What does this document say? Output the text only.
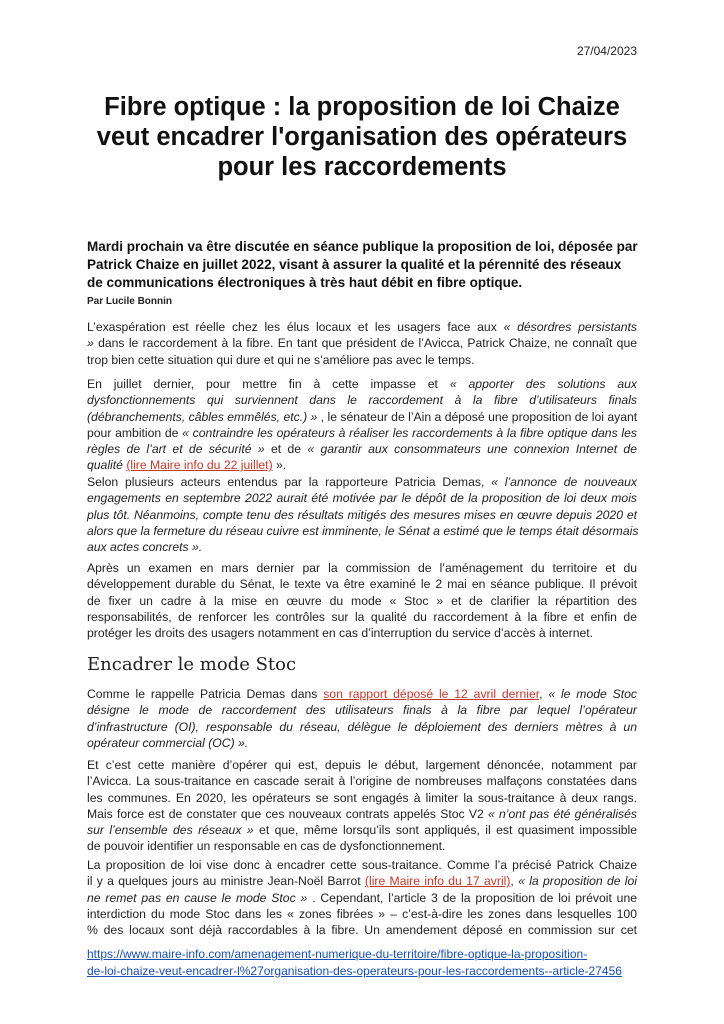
27/04/2023
Fibre optique : la proposition de loi Chaize
veut encadrer l'organisation des opérateurs
pour les raccordements

Mardi prochain va être discutée en séance publique la proposition de loi, déposée par
Patrick Chaize en juillet 2022, visant à assurer la qualité et la pérennité des réseaux
de communications électroniques à très haut débit en fibre optique.

Par Lucile Bonnin

L’exaspération est réelle chez les élus locaux et les usagers face aux « désordres persistants
» dans le raccordement à la fibre. En tant que président de l’Avicca, Patrick Chaize, ne connaît que
trop bien cette situation qui dure et qui ne s’améliore pas avec le temps.

En juillet dernier, pour mettre fin à cette impasse et « apporter des solutions aux
dysfonctionnements qui surviennent dans le raccordement à la fibre d’utilisateurs finals
(débranchements, câbles emmêlés, etc.) » , le sénateur de l’Ain a déposé une proposition de loi ayant
pour ambition de « contraindre les opérateurs à réaliser les raccordements à la fibre optique dans les
règles de l’art et de sécurité » et de « garantir aux consommateurs une connexion Internet de
qualité (lire Maire info du 22 juillet) ».

Selon plusieurs acteurs entendus par la rapporteure Patricia Demas, « l’annonce de nouveaux
engagements en septembre 2022 aurait été motivée par le dépôt de la proposition de loi deux mois
plus tôt. Néanmoins, compte tenu des résultats mitigés des mesures mises en œuvre depuis 2020 et
alors que la fermeture du réseau cuivre est imminente, le Sénat a estimé que le temps était désormais
aux actes concrets ».

Après un examen en mars dernier par la commission de l’aménagement du territoire et du
développement durable du Sénat, le texte va être examiné le 2 mai en séance publique. Il prévoit
de fixer un cadre à la mise en œuvre du mode « Stoc » et de clarifier la répartition des
responsabilités, de renforcer les contrôles sur la qualité du raccordement à la fibre et enfin de
protéger les droits des usagers notamment en cas d’interruption du service d’accès à internet.

Encadrer le mode Stoc

Comme le rappelle Patricia Demas dans son rapport déposé le 12 avril dernier, « le mode Stoc
désigne le mode de raccordement des utilisateurs finals à la fibre par lequel l’opérateur
d’infrastructure (OI), responsable du réseau, délègue le déploiement des derniers mètres à un
opérateur commercial (OC) ».

Et c’est cette manière d’opérer qui est, depuis le début, largement dénoncée, notamment par
l’Avicca. La sous-traitance en cascade serait à l’origine de nombreuses malfaçons constatées dans
les communes. En 2020, les opérateurs se sont engagés à limiter la sous-traitance à deux rangs.
Mais force est de constater que ces nouveaux contrats appelés Stoc V2 « n’ont pas été généralisés
sur l’ensemble des réseaux » et que, même lorsqu’ils sont appliqués, il est quasiment impossible
de pouvoir identifier un responsable en cas de dysfonctionnement.

La proposition de loi vise donc à encadrer cette sous-traitance. Comme l’a précisé Patrick Chaize
il y a quelques jours au ministre Jean-Noël Barrot (lire Maire info du 17 avril), « la proposition de loi
ne remet pas en cause le mode Stoc » . Cependant, l’article 3 de la proposition de loi prévoit une
interdiction du mode Stoc dans les « zones fibrées » – c’est-à-dire les zones dans lesquelles 100
% des locaux sont déjà raccordables à la fibre. Un amendement déposé en commission sur cet

https://www.maire-info.com/amenagement-numerique-du-territoire/fibre-optique-la-proposition-
de-loi-chaize-veut-encadrer-l%27organisation-des-operateurs-pour-les-raccordements--article-27456
